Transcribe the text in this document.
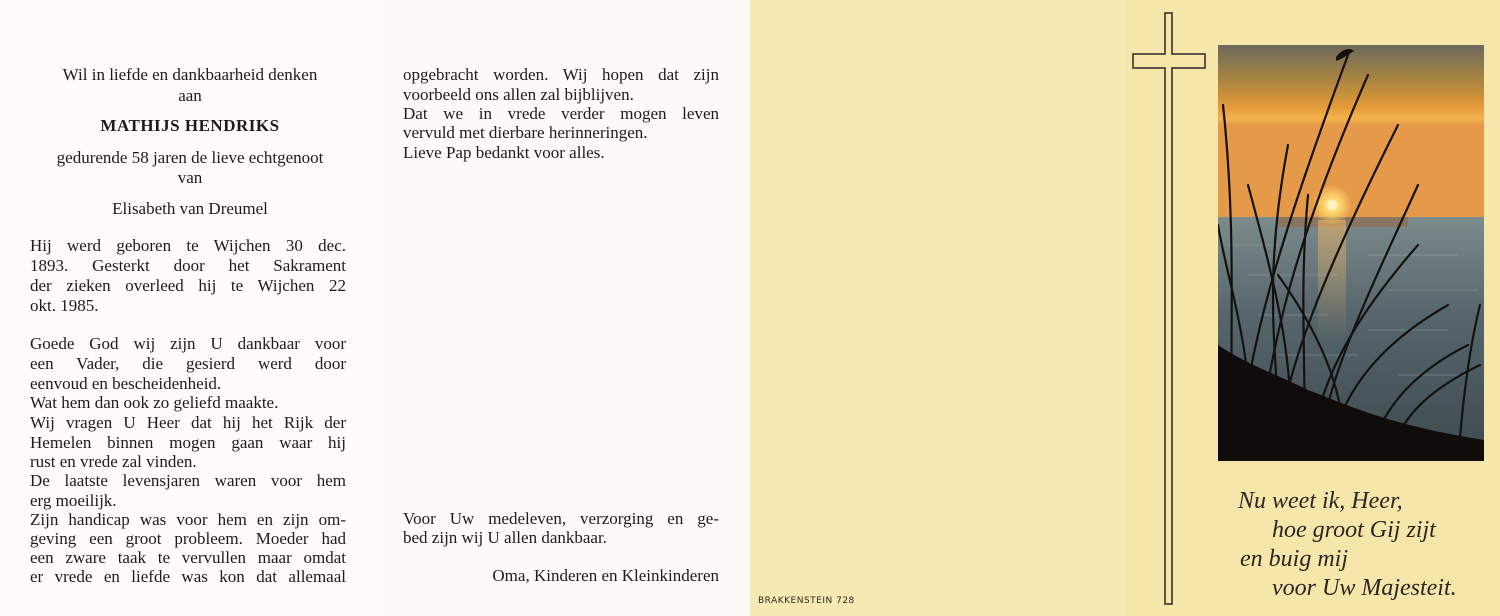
Wil in liefde en dankbaarheid denken
aan
MATHIJS HENDRIKS
gedurende 58 jaren de lieve echtgenoot
van
Elisabeth van Dreumel
Hij werd geboren te Wijchen 30 dec.
1893. Gesterkt door het Sakrament
der zieken overleed hij te Wijchen 22
okt. 1985.
Goede God wij zijn U dankbaar voor
een Vader, die gesierd werd door
eenvoud en bescheidenheid.
Wat hem dan ook zo geliefd maakte.
Wij vragen U Heer dat hij het Rijk der
Hemelen binnen mogen gaan waar hij
rust en vrede zal vinden.
De laatste levensjaren waren voor hem
erg moeilijk.
Zijn handicap was voor hem en zijn om-
geving een groot probleem. Moeder had
een zware taak te vervullen maar omdat
er vrede en liefde was kon dat allemaal
opgebracht worden. Wij hopen dat zijn
voorbeeld ons allen zal bijblijven.
Dat we in vrede verder mogen leven
vervuld met dierbare herinneringen.
Lieve Pap bedankt voor alles.
Voor Uw medeleven, verzorging en ge-
bed zijn wij U allen dankbaar.
Oma, Kinderen en Kleinkinderen
BRAKKENSTEIN 728
Nu weet ik, Heer,
hoe groot Gij zijt
en buig mij
voor Uw Majesteit.
